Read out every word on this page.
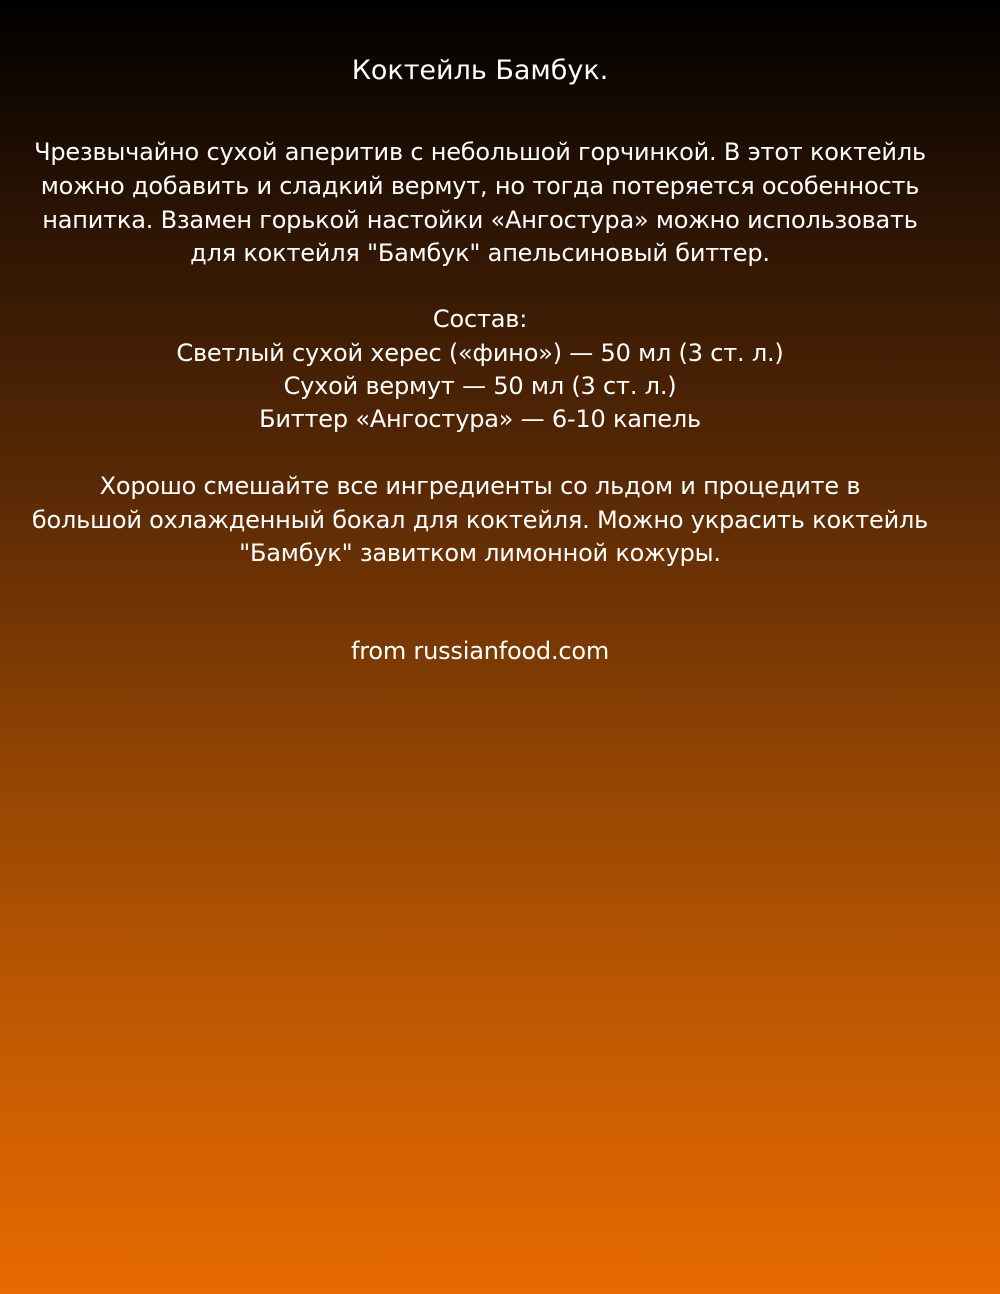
Коктейль Бамбук.
Чрезвычайно сухой аперитив с небольшой горчинкой. В этот коктейль
можно добавить и сладкий вермут, но тогда потеряется особенность
напитка. Взамен горькой настойки «Ангостура» можно использовать
для коктейля "Бамбук" апельсиновый биттер.
Состав:
Светлый сухой херес («фино») — 50 мл (3 ст. л.)
Сухой вермут — 50 мл (3 ст. л.)
Биттер «Ангостура» — 6-10 капель
Хорошо смешайте все ингредиенты со льдом и процедите в
большой охлажденный бокал для коктейля. Можно украсить коктейль
"Бамбук" завитком лимонной кожуры.
from russianfood.com
